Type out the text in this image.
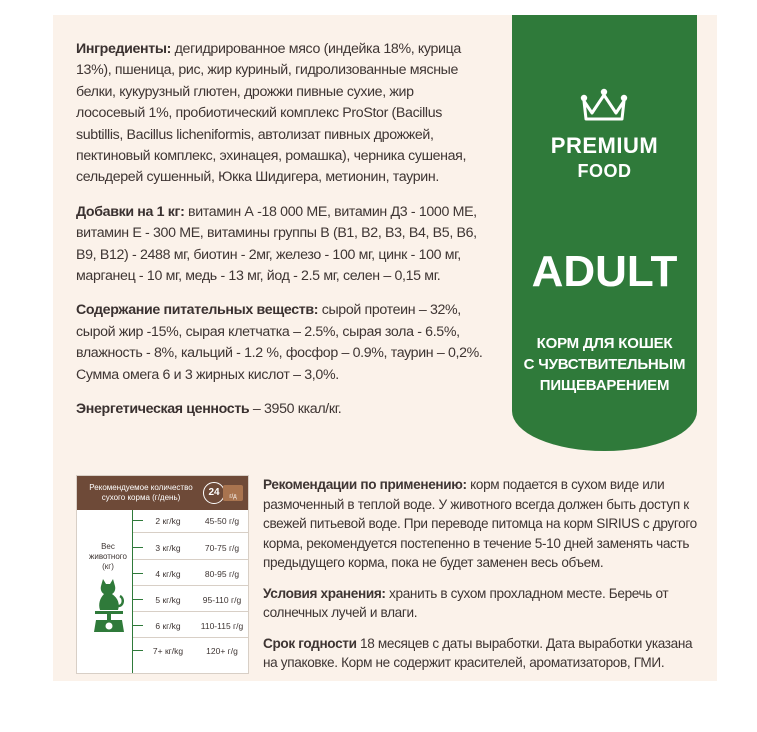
Ингредиенты: дегидрированное мясо (индейка 18%, курица 13%), пшеница, рис, жир куриный, гидролизованные мясные белки, кукурузный глютен, дрожжи пивные сухие, жир лососевый 1%, пробиотический комплекс ProStor (Bacillus subtillis, Bacillus licheniformis, автолизат пивных дрожжей, пектиновый комплекс, эхинацея, ромашка), черника сушеная, сельдерей сушенный, Юкка Шидигера, метионин, таурин.

Добавки на 1 кг: витамин А -18 000 МЕ, витамин Д3 - 1000 МЕ, витамин Е - 300 МЕ, витамины группы В (В1, В2, В3, В4, В5, В6, В9, В12) - 2488 мг, биотин - 2мг, железо - 100 мг, цинк - 100 мг, марганец - 10 мг, медь - 13 мг, йод - 2.5 мг, селен – 0,15 мг.

Содержание питательных веществ: сырой протеин – 32%, сырой жир -15%, сырая клетчатка – 2.5%, сырая зола - 6.5%, влажность - 8%, кальций - 1.2 %, фосфор – 0.9%, таурин – 0,2%. Сумма омега 6 и 3 жирных кислот – 3,0%.

Энергетическая ценность – 3950 ккал/кг.

PREMIUM
FOOD
ADULT
КОРМ ДЛЯ КОШЕК
С ЧУВСТВИТЕЛЬНЫМ
ПИЩЕВАРЕНИЕМ
Рекомендуемое количество
сухого корма (г/день)	24	г/д
Вес
животного
(кг)
2 кг/kg	45-50 г/g
3 кг/kg	70-75 г/g
4 кг/kg	80-95 г/g
5 кг/kg	95-110 г/g
6 кг/kg	110-115 г/g
7+ кг/kg	120+ г/g

Рекомендации по применению: корм подается в сухом виде или размоченный в теплой воде. У животного всегда должен быть доступ к свежей питьевой воде. При переводе питомца на корм SIRIUS с другого корма, рекомендуется постепенно в течение 5-10 дней заменять часть предыдущего корма, пока не будет заменен весь объем.

Условия хранения: хранить в сухом прохладном месте. Беречь от солнечных лучей и влаги.

Срок годности 18 месяцев с даты выработки. Дата выработки указана на упаковке. Корм не содержит красителей, ароматизаторов, ГМИ.
